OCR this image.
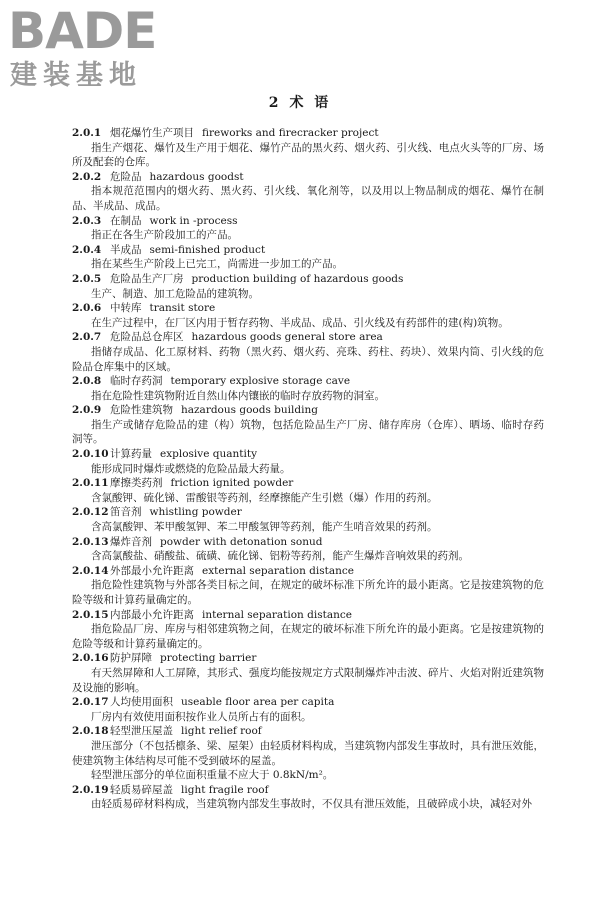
BADE
建装基地
2 术 语
2.0.1 烟花爆竹生产项目 fireworks and firecracker project
指生产烟花、爆竹及生产用于烟花、爆竹产品的黑火药、烟火药、引火线、电点火头等的厂房、场所及配套的仓库。
2.0.2 危险品 hazardous goodst
指本规范范围内的烟火药、黑火药、引火线、氧化剂等，以及用以上物品制成的烟花、爆竹在制品、半成品、成品。
2.0.3 在制品 work in -process
指正在各生产阶段加工的产品。
2.0.4 半成品 semi-finished product
指在某些生产阶段上已完工，尚需进一步加工的产品。
2.0.5 危险品生产厂房 production building of hazardous goods
生产、制造、加工危险品的建筑物。
2.0.6 中转库 transit store
在生产过程中，在厂区内用于暂存药物、半成品、成品、引火线及有药部件的建(构)筑物。
2.0.7 危险品总仓库区 hazardous goods general store area
指储存成品、化工原材料、药物（黑火药、烟火药、亮珠、药柱、药块）、效果内筒、引火线的危险品仓库集中的区域。
2.0.8 临时存药洞 temporary explosive storage cave
指在危险性建筑物附近自然山体内镶嵌的临时存放药物的洞室。
2.0.9 危险性建筑物 hazardous goods building
指生产或储存危险品的建（构）筑物，包括危险品生产厂房、储存库房（仓库）、晒场、临时存药洞等。
2.0.10计算药量 explosive quantity
能形成同时爆炸或燃烧的危险品最大药量。
2.0.11摩擦类药剂 friction ignited powder
含氯酸钾、硫化锑、雷酸银等药剂，经摩擦能产生引燃（爆）作用的药剂。
2.0.12笛音剂 whistling powder
含高氯酸钾、苯甲酸氢钾、苯二甲酸氢钾等药剂，能产生哨音效果的药剂。
2.0.13爆炸音剂 powder with detonation sonud
含高氯酸盐、硝酸盐、硫磺、硫化锑、铝粉等药剂，能产生爆炸音响效果的药剂。
2.0.14外部最小允许距离 external separation distance
指危险性建筑物与外部各类目标之间，在规定的破坏标准下所允许的最小距离。它是按建筑物的危险等级和计算药量确定的。
2.0.15内部最小允许距离 internal separation distance
指危险品厂房、库房与相邻建筑物之间，在规定的破坏标准下所允许的最小距离。它是按建筑物的危险等级和计算药量确定的。
2.0.16防护屏障 protecting barrier
有天然屏障和人工屏障，其形式、强度均能按规定方式限制爆炸冲击波、碎片、火焰对附近建筑物及设施的影响。
2.0.17人均使用面积 useable floor area per capita
厂房内有效使用面积按作业人员所占有的面积。
2.0.18轻型泄压屋盖 light relief roof
泄压部分（不包括檩条、梁、屋架）由轻质材料构成，当建筑物内部发生事故时，具有泄压效能，使建筑物主体结构尽可能不受到破坏的屋盖。
轻型泄压部分的单位面积重量不应大于 0.8kN/m²。
2.0.19轻质易碎屋盖 light fragile roof
由轻质易碎材料构成，当建筑物内部发生事故时，不仅具有泄压效能，且破碎成小块，减轻对外
